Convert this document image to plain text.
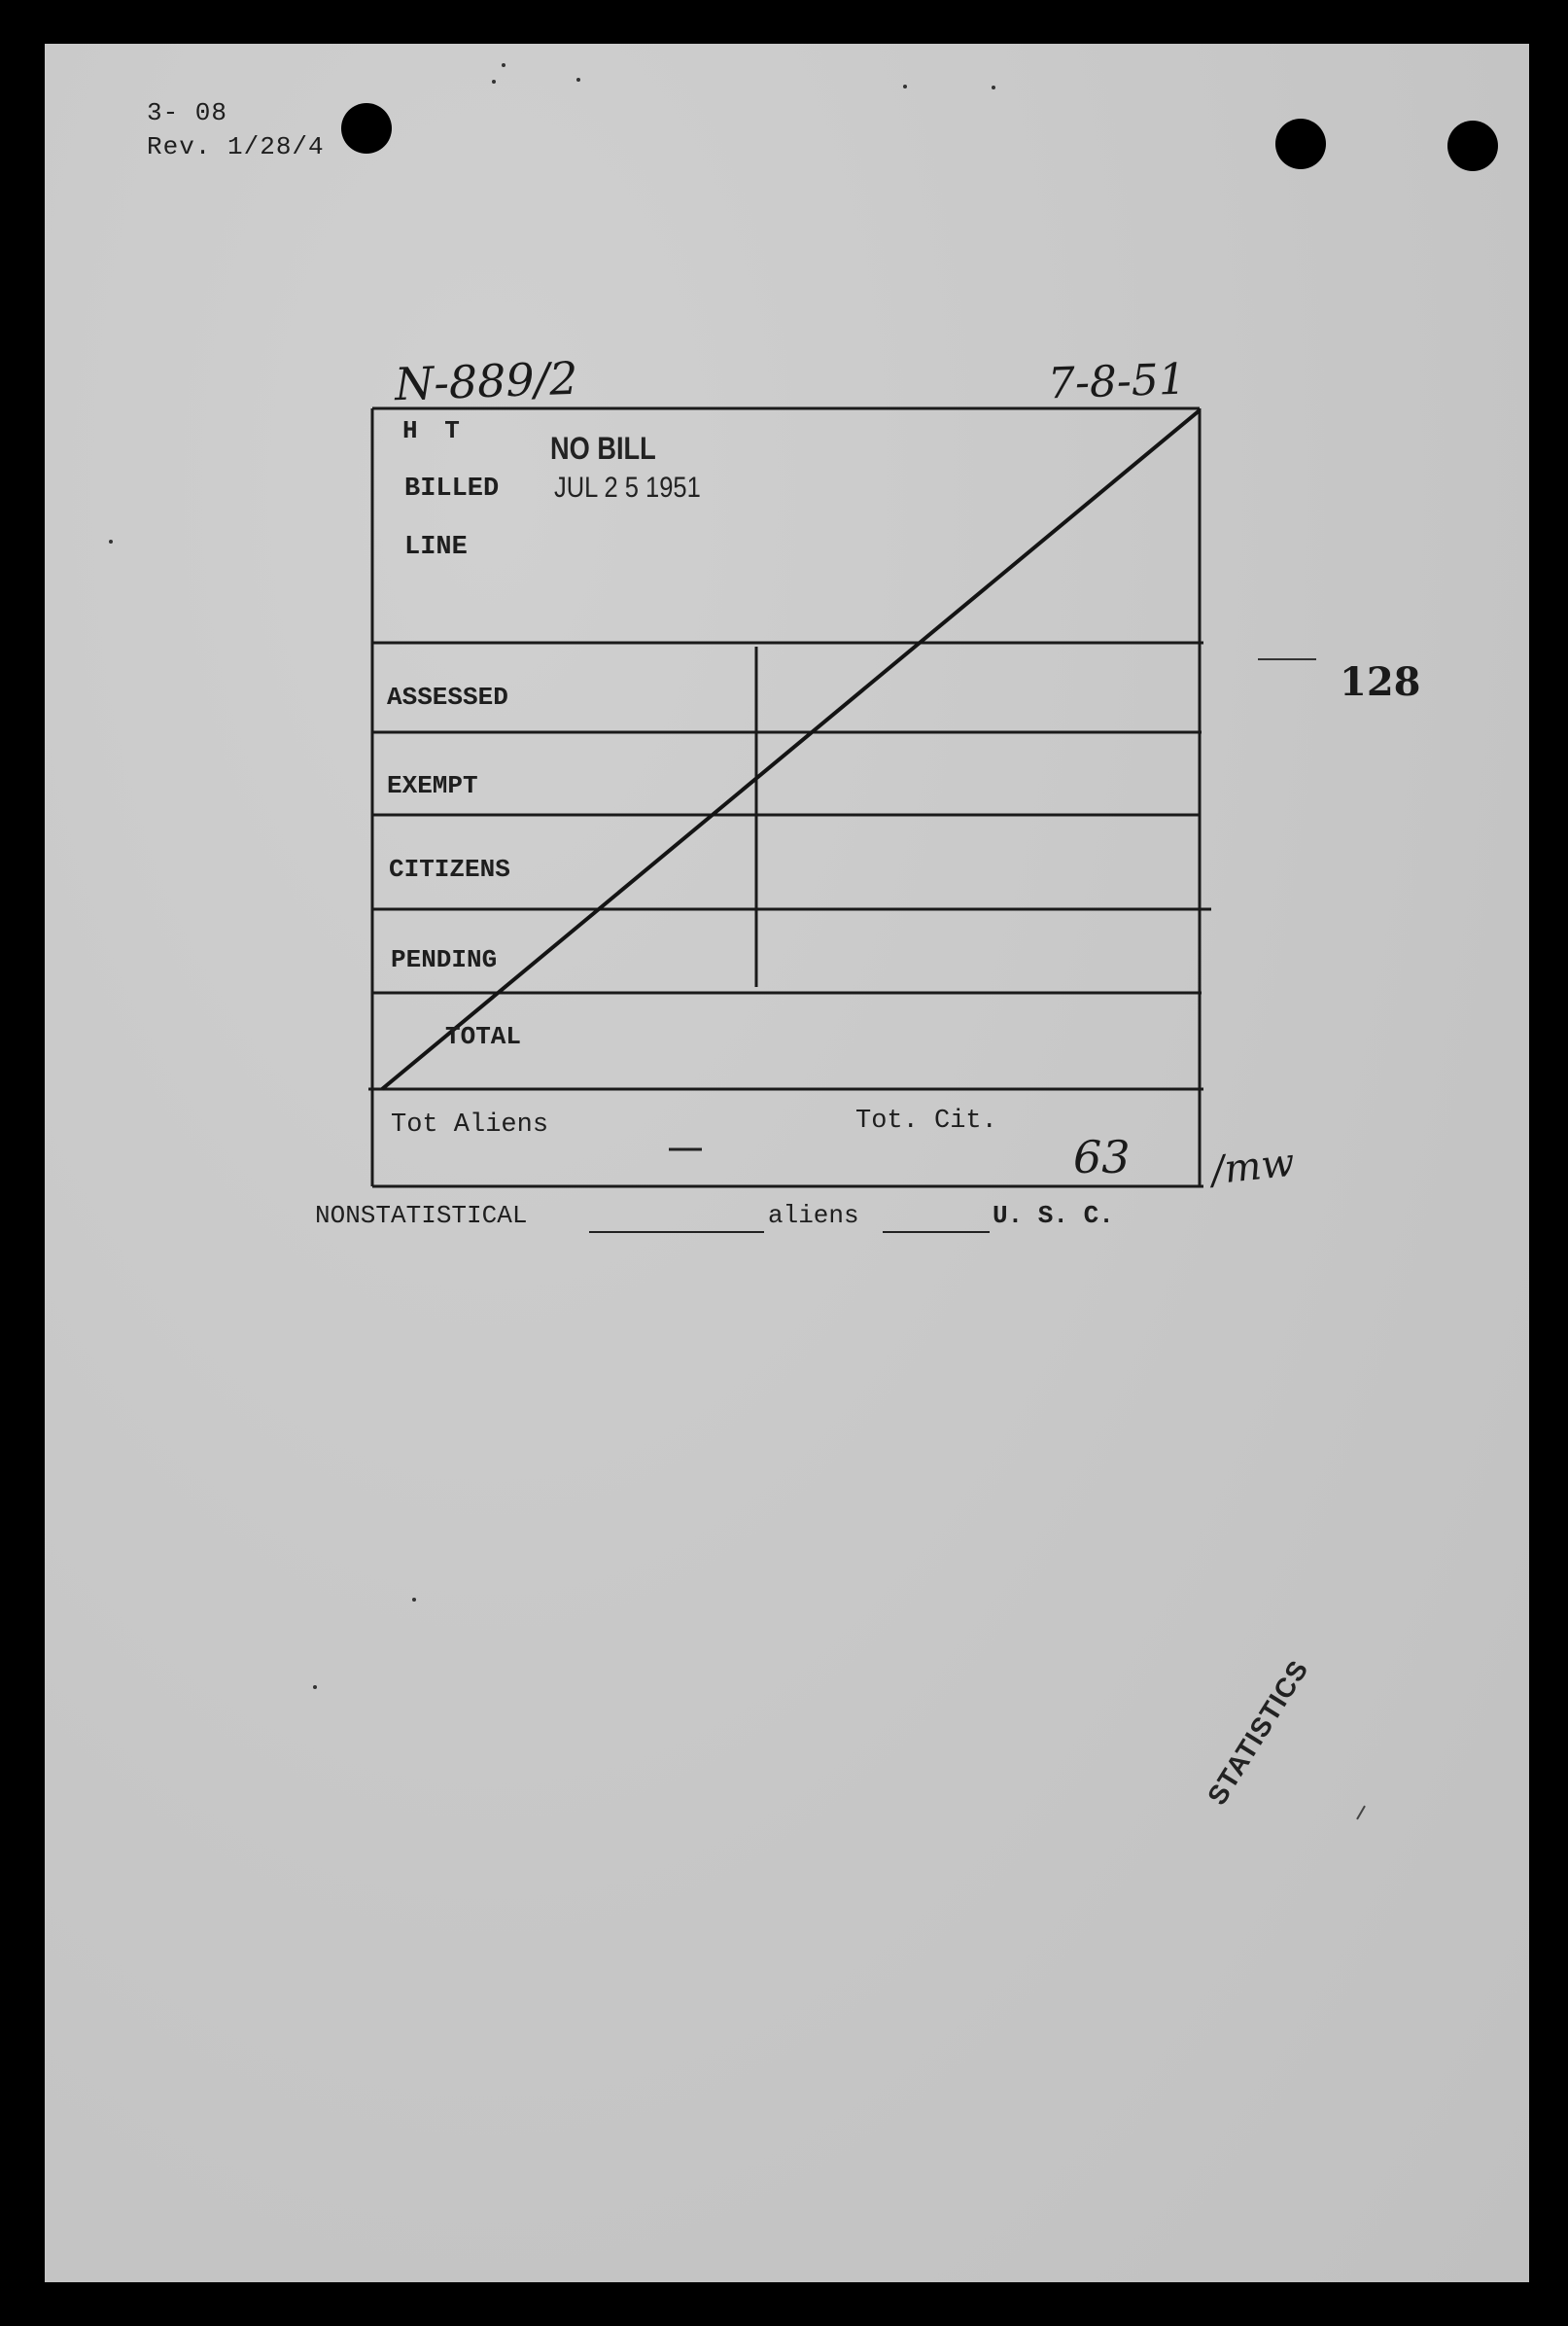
3- 08
Rev. 1/28/4
N-889/2	7-8-51
128
H T
BILLED
LINE
NO BILL
JUL 2 5 1951
ASSESSED
EXEMPT
CITIZENS
PENDING
TOTAL
Tot Aliens	Tot. Cit.
63 /mw
NONSTATISTICAL	aliens	U. S. C.
STATISTICS
